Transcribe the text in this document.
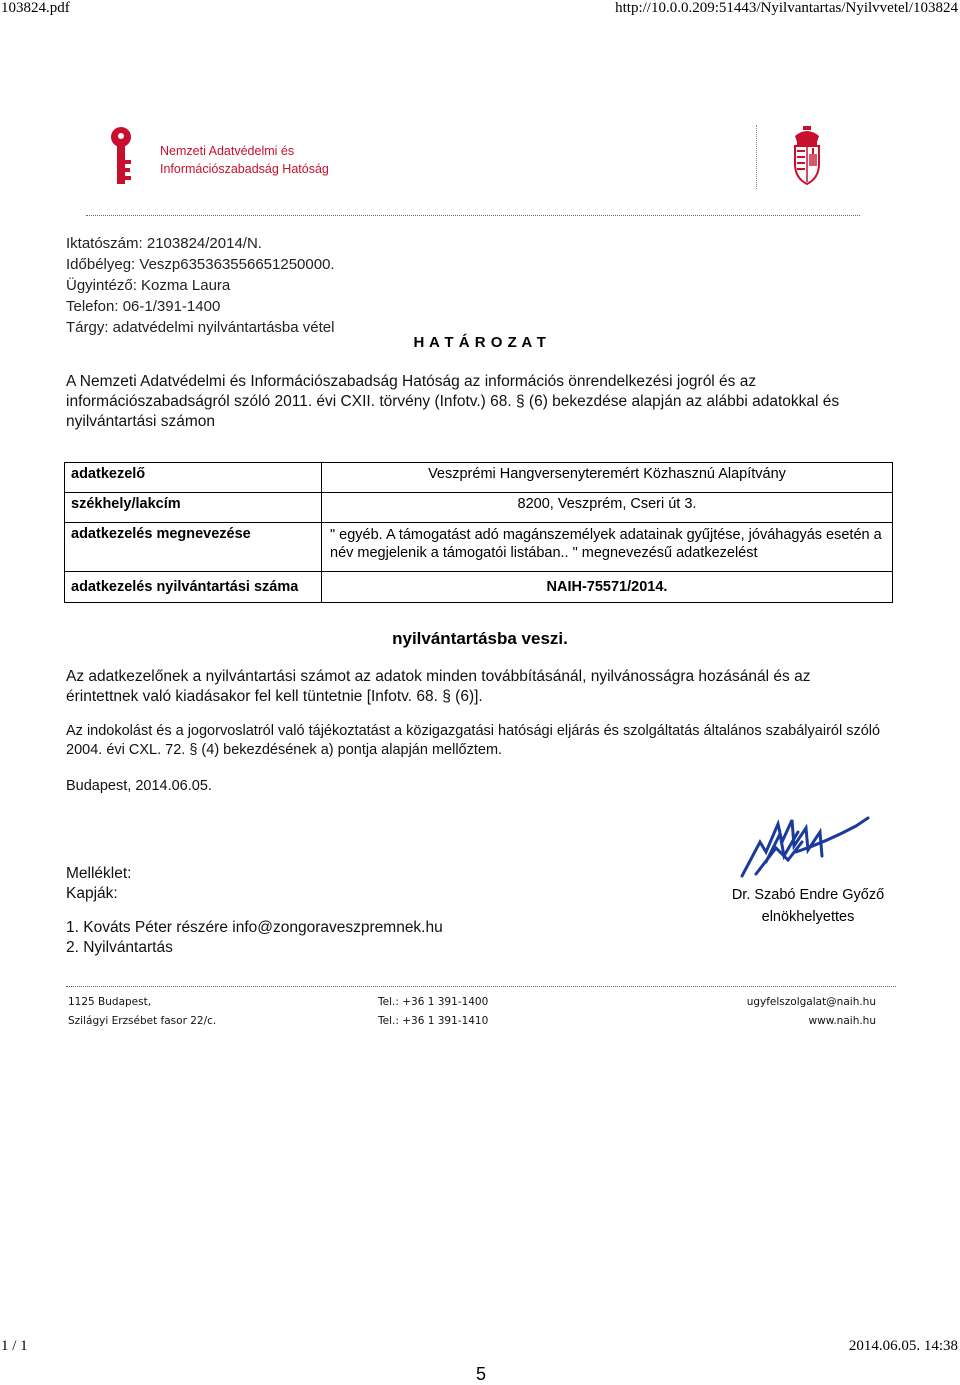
103824.pdf	http://10.0.0.209:51443/Nyilvantartas/Nyilvvetel/103824
Nemzeti Adatvédelmi és
Információszabadság Hatóság
Iktatószám: 2103824/2014/N.
Időbélyeg: Veszp635363556651250000.
Ügyintéző: Kozma Laura
Telefon: 06-1/391-1400
Tárgy: adatvédelmi nyilvántartásba vétel
H A T Á R O Z A T
A Nemzeti Adatvédelmi és Információszabadság Hatóság az információs önrendelkezési jogról és az
információszabadságról szóló 2011. évi CXII. törvény (Infotv.) 68. § (6) bekezdése alapján az alábbi adatokkal és
nyilvántartási számon
adatkezelő	Veszprémi Hangversenyteremért Közhasznú Alapítvány
székhely/lakcím	8200, Veszprém, Cseri út 3.
adatkezelés megnevezése	" egyéb. A támogatást adó magánszemélyek adatainak gyűjtése, jóváhagyás esetén a
név megjelenik a támogatói listában.. " megnevezésű adatkezelést

adatkezelés nyilvántartási száma	NAIH-75571/2014.
nyilvántartásba veszi.
Az adatkezelőnek a nyilvántartási számot az adatok minden továbbításánál, nyilvánosságra hozásánál és az
érintettnek való kiadásakor fel kell tüntetnie [Infotv. 68. § (6)].
Az indokolást és a jogorvoslatról való tájékoztatást a közigazgatási hatósági eljárás és szolgáltatás általános szabályairól szóló
2004. évi CXL. 72. § (4) bekezdésének a) pontja alapján mellőztem.
Budapest, 2014.06.05.
Melléklet:
Kapják:
1. Kováts Péter részére info@zongoraveszpremnek.hu
2. Nyilvántartás
Dr. Szabó Endre Győző
elnökhelyettes
1125 Budapest,
Szilágyi Erzsébet fasor 22/c.
Tel.: +36 1 391-1400
Tel.: +36 1 391-1410
ugyfelszolgalat@naih.hu
www.naih.hu
1 / 1	2014.06.05. 14:38
5
